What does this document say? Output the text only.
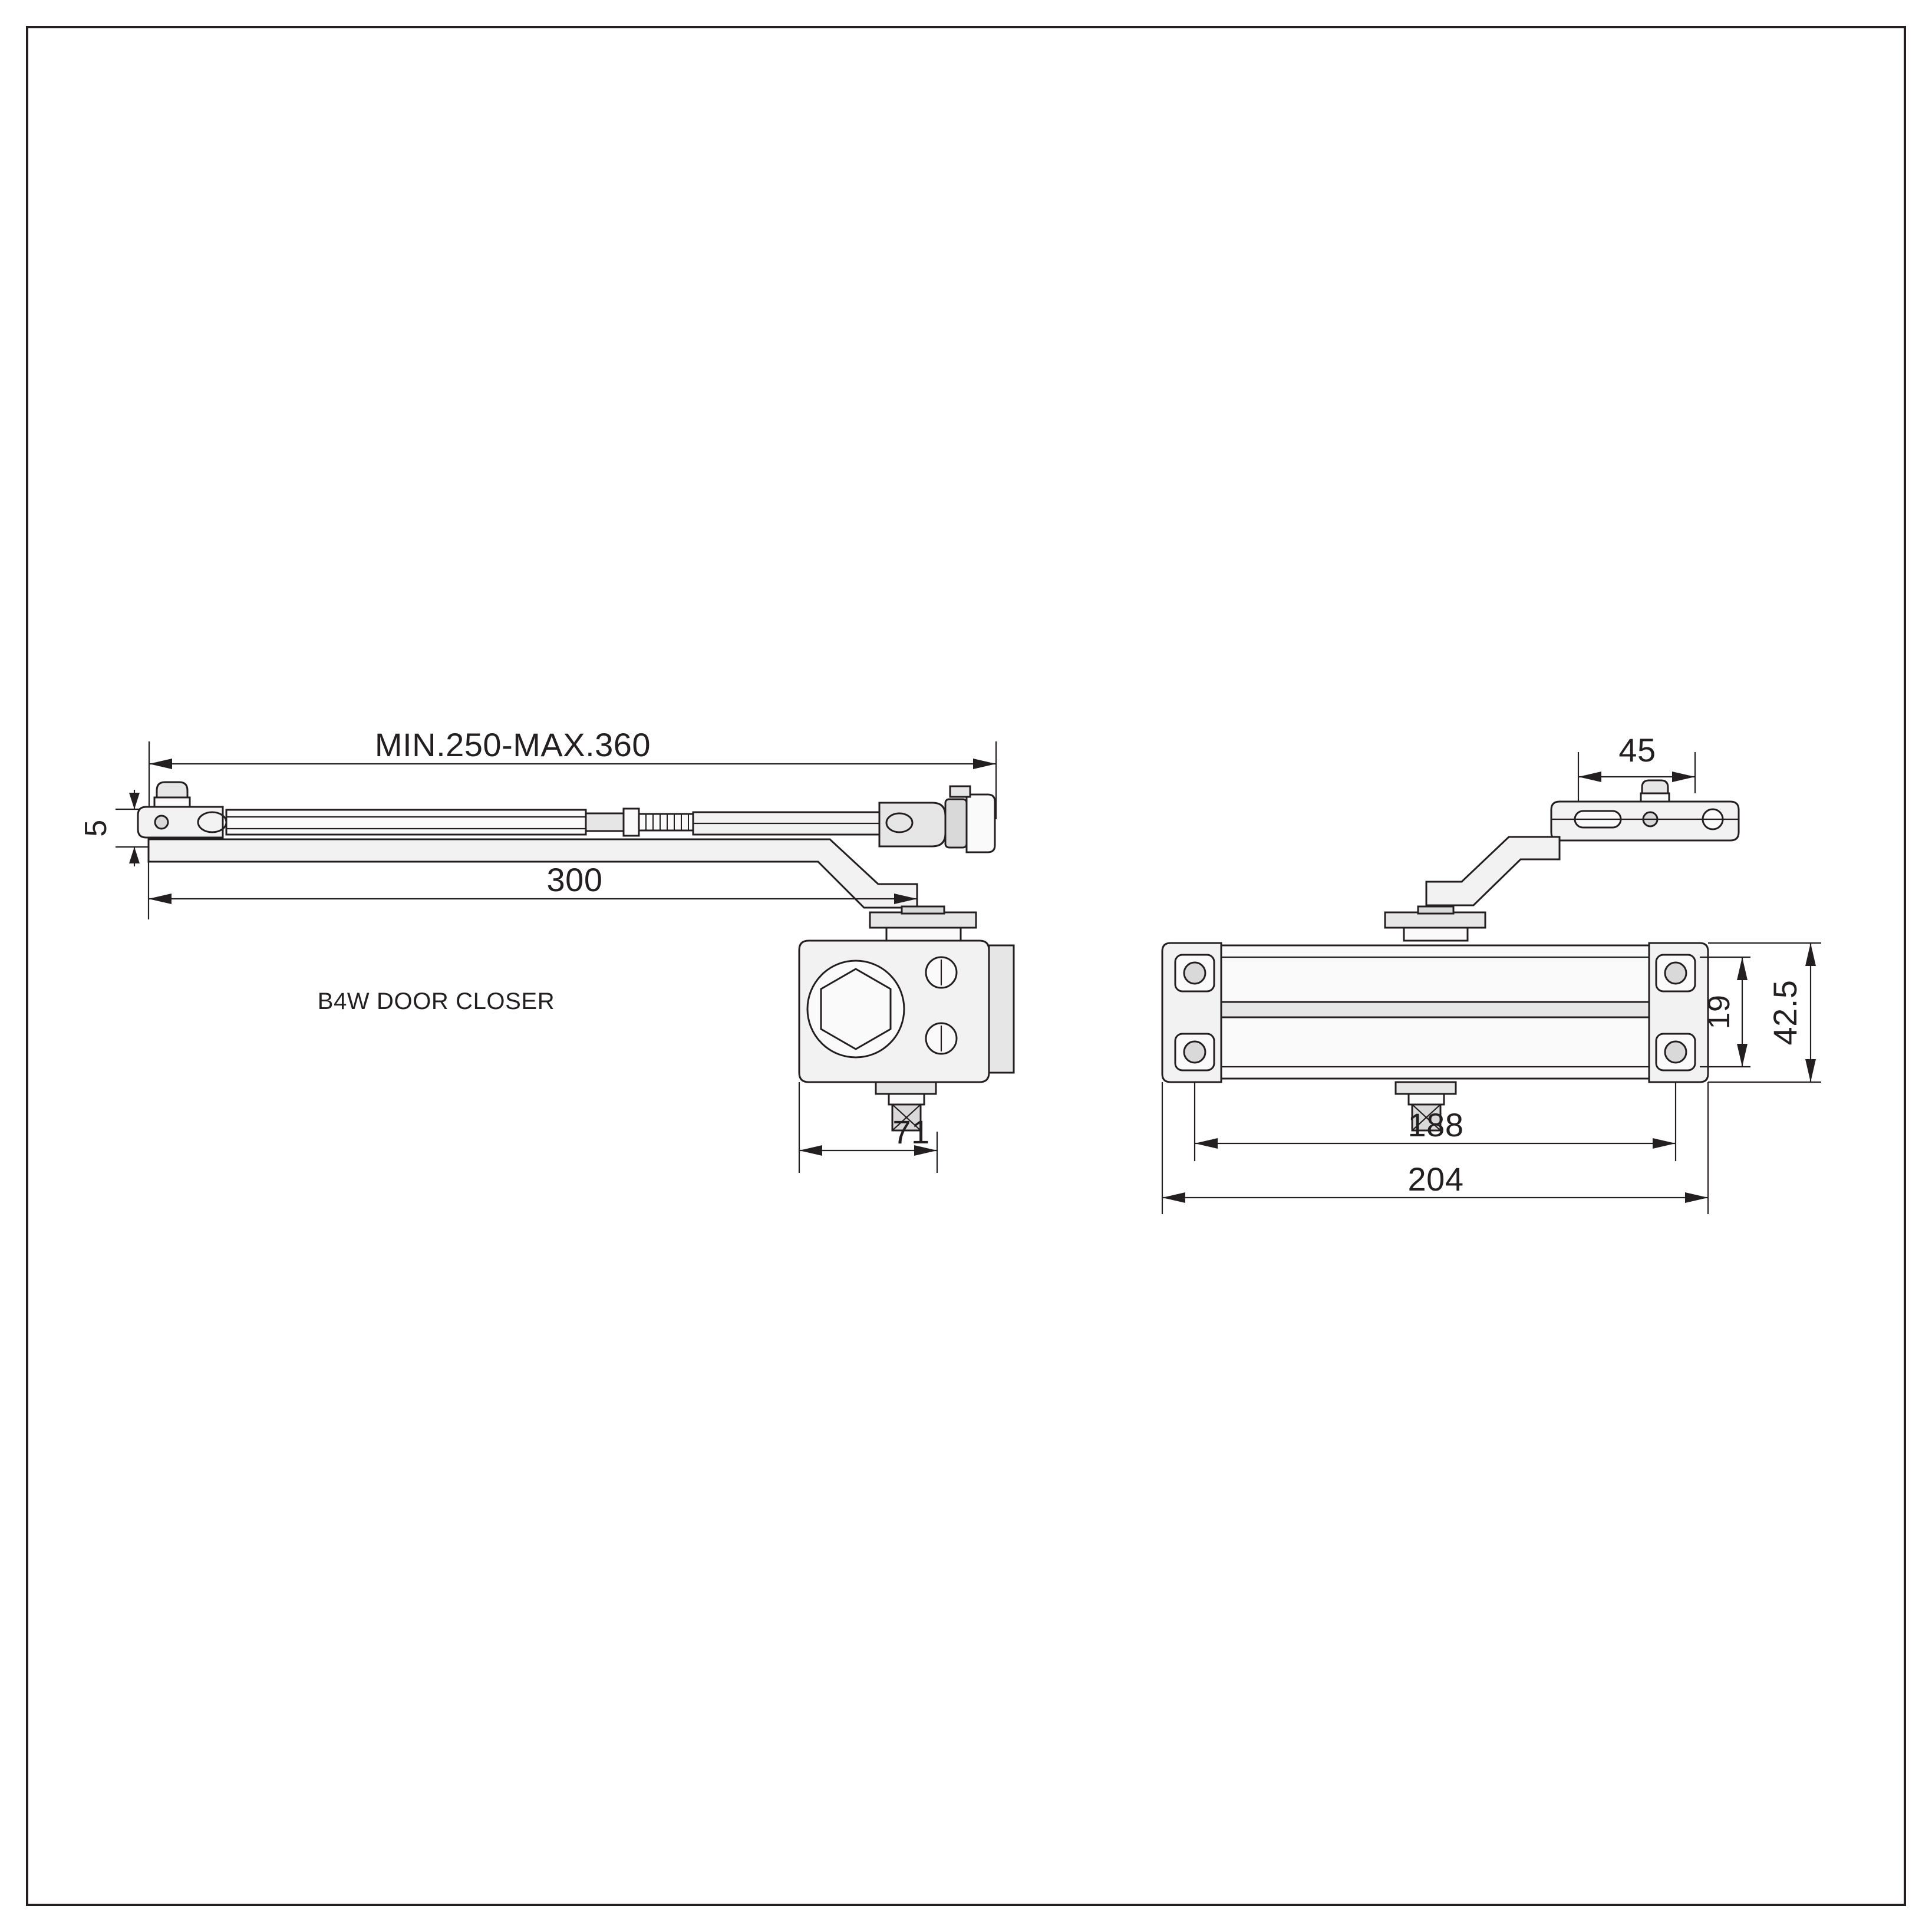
MIN.250-MAX.360
5
300
71
B4W DOOR CLOSER
45
19 42.5
188
204
